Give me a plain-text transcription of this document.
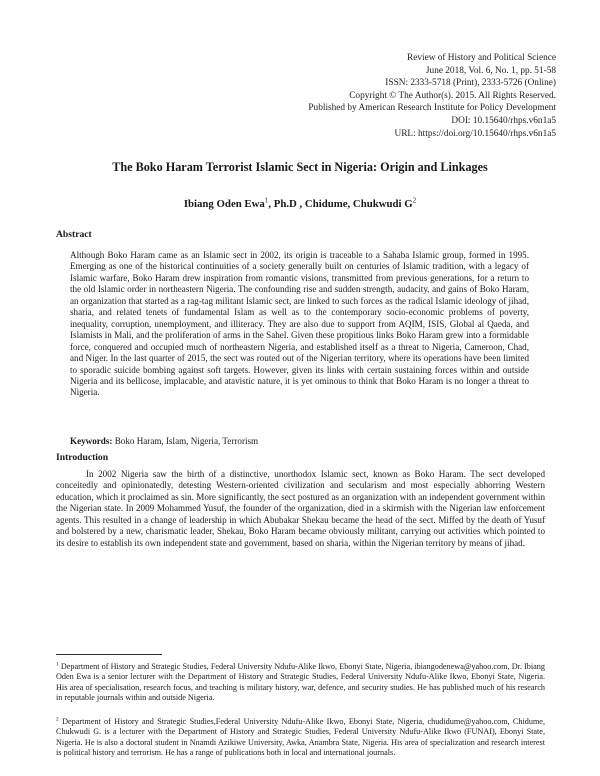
Review of History and Political Science
June 2018, Vol. 6, No. 1, pp. 51-58
ISSN: 2333-5718 (Print), 2333-5726 (Online)
Copyright © The Author(s). 2015. All Rights Reserved.
Published by American Research Institute for Policy Development
DOI: 10.15640/rhps.v6n1a5
URL: https://doi.org/10.15640/rhps.v6n1a5
The Boko Haram Terrorist Islamic Sect in Nigeria: Origin and Linkages
Ibiang Oden Ewa$^1$, Ph.D , Chidume, Chukwudi $G^2$
Abstract
Although Boko Haram came as an Islamic sect in 2002, its origin is traceable to a Sahaba Islamic group, formed in 1995. Emerging as one of the historical continuities of a society generally built on centuries of Islamic tradition, with a legacy of Islamic warfare, Boko Haram drew inspiration from romantic visions, transmitted from previous generations, for a return to the old Islamic order in northeastern Nigeria. The confounding rise and sudden strength, audacity, and gains of Boko Haram, an organization that started as a rag-tag militant Islamic sect, are linked to such forces as the radical Islamic ideology of jihad, sharia, and related tenets of fundamental Islam as well as to the contemporary socio-economic problems of poverty, inequality, corruption, unemployment, and illiteracy. They are also due to support from AQIM, ISIS, Global al Qaeda, and Islamists in Mali, and the proliferation of arms in the Sahel. Given these propitious links Boko Haram grew into a formidable force, conquered and occupied much of northeastern Nigeria, and established itself as a threat to Nigeria, Cameroon, Chad, and Niger. In the last quarter of 2015, the sect was routed out of the Nigerian territory, where its operations have been limited to sporadic suicide bombing against soft targets. However, given its links with certain sustaining forces within and outside Nigeria and its bellicose, implacable, and atavistic nature, it is yet ominous to think that Boko Haram is no longer a threat to Nigeria.
Keywords: Boko Haram, Islam, Nigeria, Terrorism
Introduction
In 2002 Nigeria saw the birth of a distinctive, unorthodox Islamic sect, known as Boko Haram. The sect developed conceitedly and opinionatedly, detesting Western-oriented civilization and secularism and most especially abhorring Western education, which it proclaimed as sin. More significantly, the sect postured as an organization with an independent government within the Nigerian state. In 2009 Mohammed Yusuf, the founder of the organization, died in a skirmish with the Nigerian law enforcement agents. This resulted in a change of leadership in which Abubakar Shekau became the head of the sect. Miffed by the death of Yusuf and bolstered by a new, charismatic leader, Shekau, Boko Haram became obviously militant, carrying out activities which pointed to its desire to establish its own independent state and government, based on sharia, within the Nigerian territory by means of jihad.
$^1$ Department of History and Strategic Studies, Federal University Ndufu-Alike Ikwo, Ebonyi State, Nigeria, ibiangodenewa@yahoo.com, Dr. Ibiang Oden Ewa is a senior lecturer with the Department of History and Strategic Studies, Federal University Ndufu-Alike Ikwo, Ebonyi State, Nigeria. His area of specialisation, research focus, and teaching is military history, war, defence, and security studies. He has published much of his research in reputable journals within and outside Nigeria.
$^2$ Department of History and Strategic Studies,Federal University Ndufu-Alike Ikwo, Ebonyi State, Nigeria, chudidume@yahoo.com, Chidume, Chukwudi G. is a lecturer with the Department of History and Strategic Studies, Federal University Ndufu-Alike Ikwo (FUNAI), Ebonyi State, Nigeria. He is also a doctoral student in Nnamdi Azikiwe University, Awka, Anambra State, Nigeria. His area of specialization and research interest is political history and terrorism. He has a range of publications both in local and international journals.
